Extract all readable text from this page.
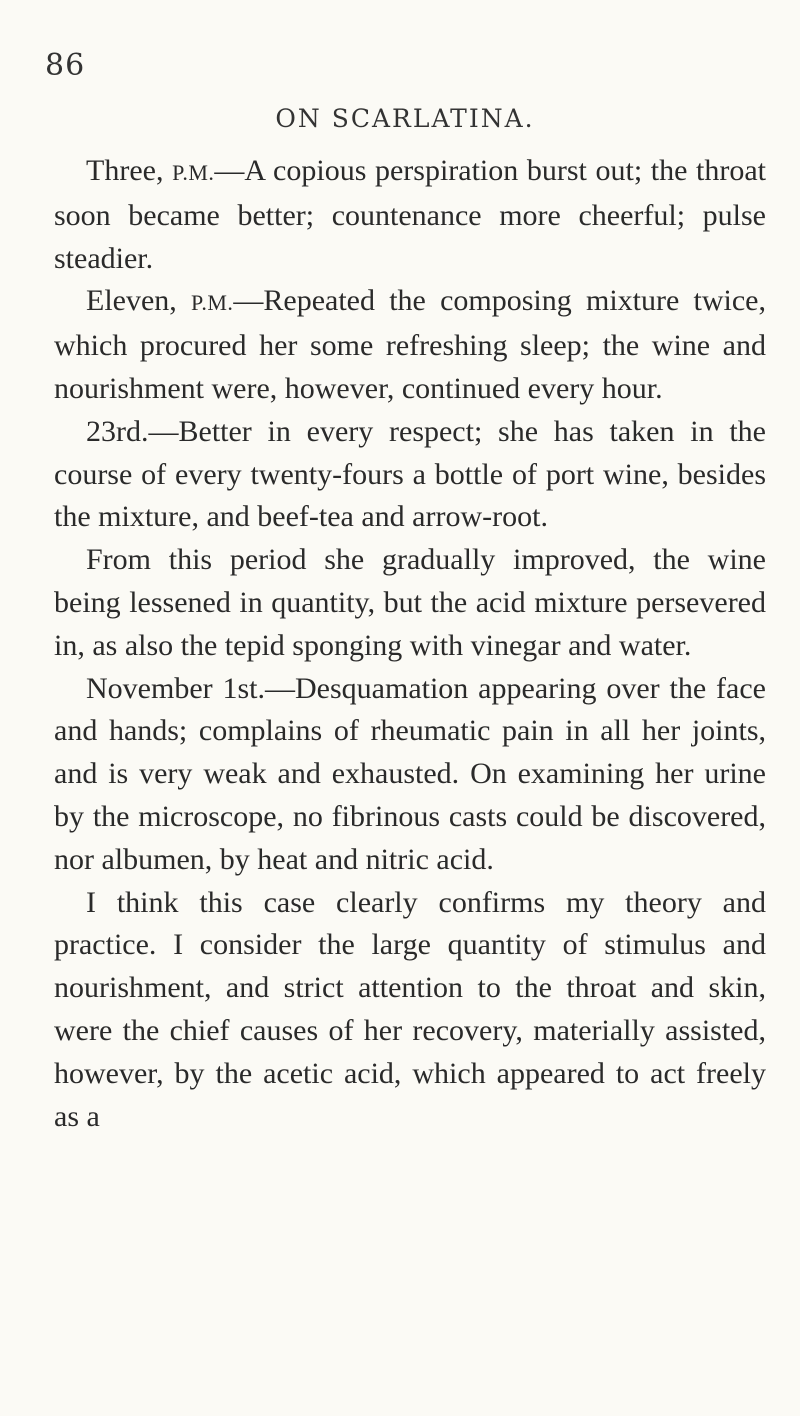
86
ON SCARLATINA.

Three, P.M.—A copious perspiration burst out; the throat soon became better; countenance more cheerful; pulse steadier.

Eleven, P.M.—Repeated the composing mixture twice, which procured her some refreshing sleep; the wine and nourishment were, however, continued every hour.

23rd.—Better in every respect; she has taken in the course of every twenty-fours a bottle of port wine, besides the mixture, and beef-tea and arrow-root.

From this period she gradually improved, the wine being lessened in quantity, but the acid mixture persevered in, as also the tepid sponging with vinegar and water.

November 1st.—Desquamation appearing over the face and hands; complains of rheumatic pain in all her joints, and is very weak and exhausted. On examining her urine by the microscope, no fibrinous casts could be discovered, nor albumen, by heat and nitric acid.

I think this case clearly confirms my theory and practice. I consider the large quantity of stimulus and nourishment, and strict attention to the throat and skin, were the chief causes of her recovery, materially assisted, however, by the acetic acid, which appeared to act freely as a
